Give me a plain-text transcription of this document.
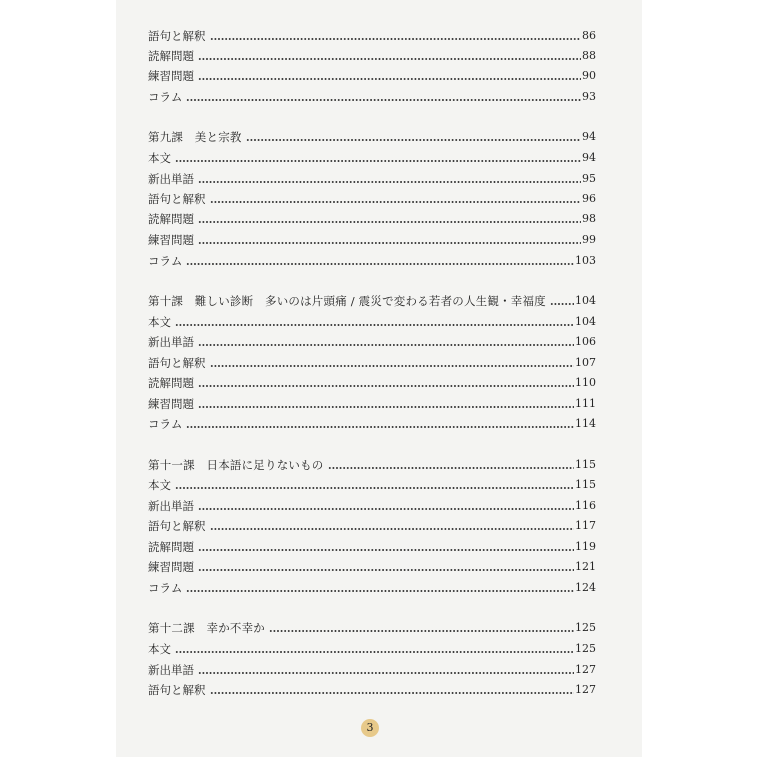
語句と解釈	86
読解問題	88
練習問題	90
コラム	93
第九課　美と宗教	94
本文	94
新出単語	95
語句と解釈	96
読解問題	98
練習問題	99
コラム	103
第十課　難しい診断　多いのは片頭痛 / 震災で変わる若者の人生観・幸福度	104
本文	104
新出単語	106
語句と解釈	107
読解問題	110
練習問題	111
コラム	114
第十一課　日本語に足りないもの	115
本文	115
新出単語	116
語句と解釈	117
読解問題	119
練習問題	121
コラム	124
第十二課　幸か不幸か	125
本文	125
新出単語	127
語句と解釈	127
3
